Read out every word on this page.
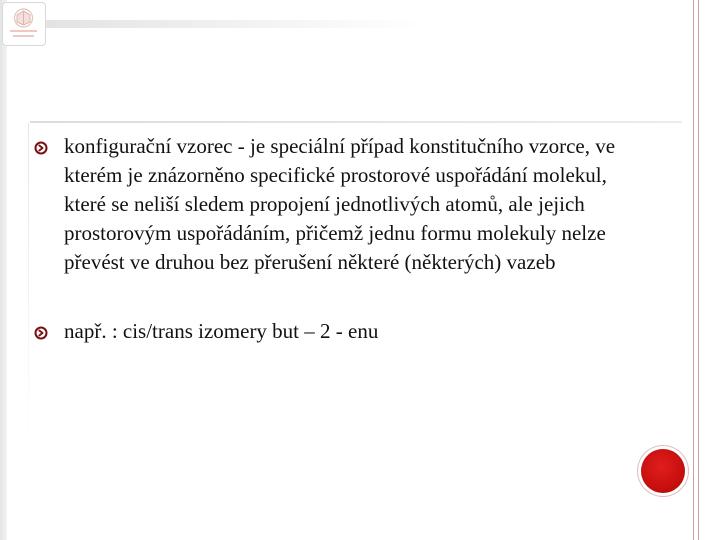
konfigurační vzorec - je speciální případ konstitučního vzorce, ve kterém je znázorněno specifické prostorové uspořádání molekul, které se neliší sledem propojení jednotlivých atomů, ale jejich prostorovým uspořádáním, přičemž jednu formu molekuly nelze převést ve druhou bez přerušení některé (některých) vazeb
např. : cis/trans izomery but – 2 - enu
